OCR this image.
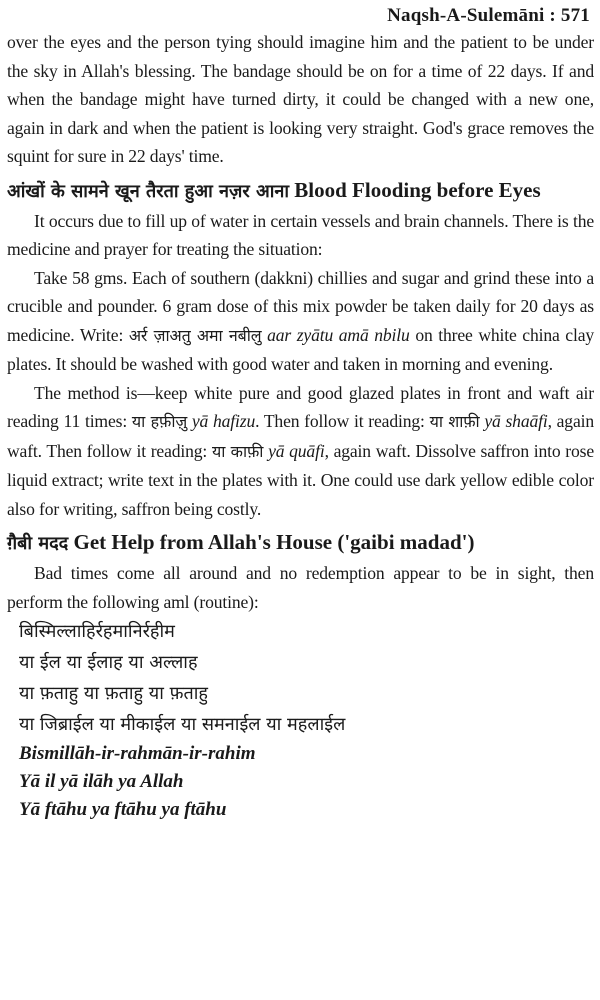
Naqsh-A-Sulemāni : 571

over the eyes and the person tying should imagine him and the patient to be under the sky in Allah's blessing. The bandage should be on for a time of 22 days. If and when the bandage might have turned dirty, it could be changed with a new one, again in dark and when the patient is looking very straight. God's grace removes the squint for sure in 22 days' time.

आंखों के सामने खून तैरता हुआ नज़र आना Blood Flooding before Eyes

It occurs due to fill up of water in certain vessels and brain channels. There is the medicine and prayer for treating the situation:

Take 58 gms. Each of southern (dakkni) chillies and sugar and grind these into a crucible and pounder. 6 gram dose of this mix powder be taken daily for 20 days as medicine. Write: अर्र ज़ाअतु अमा नबीलु aar zyātu amā nbilu on three white china clay plates. It should be washed with good water and taken in morning and evening.

The method is—keep white pure and good glazed plates in front and waft air reading 11 times: या हफ़ीज़ु yā hafizu. Then follow it reading: या शाफ़ी yā shaāfi, again waft. Then follow it reading: या काफ़ी yā quāfi, again waft. Dissolve saffron into rose liquid extract; write text in the plates with it. One could use dark yellow edible color also for writing, saffron being costly.

ग़ैबी मदद Get Help from Allah's House ('gaibi madad')

Bad times come all around and no redemption appear to be in sight, then perform the following aml (routine):

बिस्मिल्लाहिर्रहमानिर्रहीम

या ईल या ईलाह या अल्लाह

या फ़ताहु या फ़ताहु या फ़ताहु

या जिब्राईल या मीकाईल या समनाईल या महलाईल

Bismillāh-ir-rahmān-ir-rahim

Yā il yā ilāh ya Allah

Yā ftāhu ya ftāhu ya ftāhu
